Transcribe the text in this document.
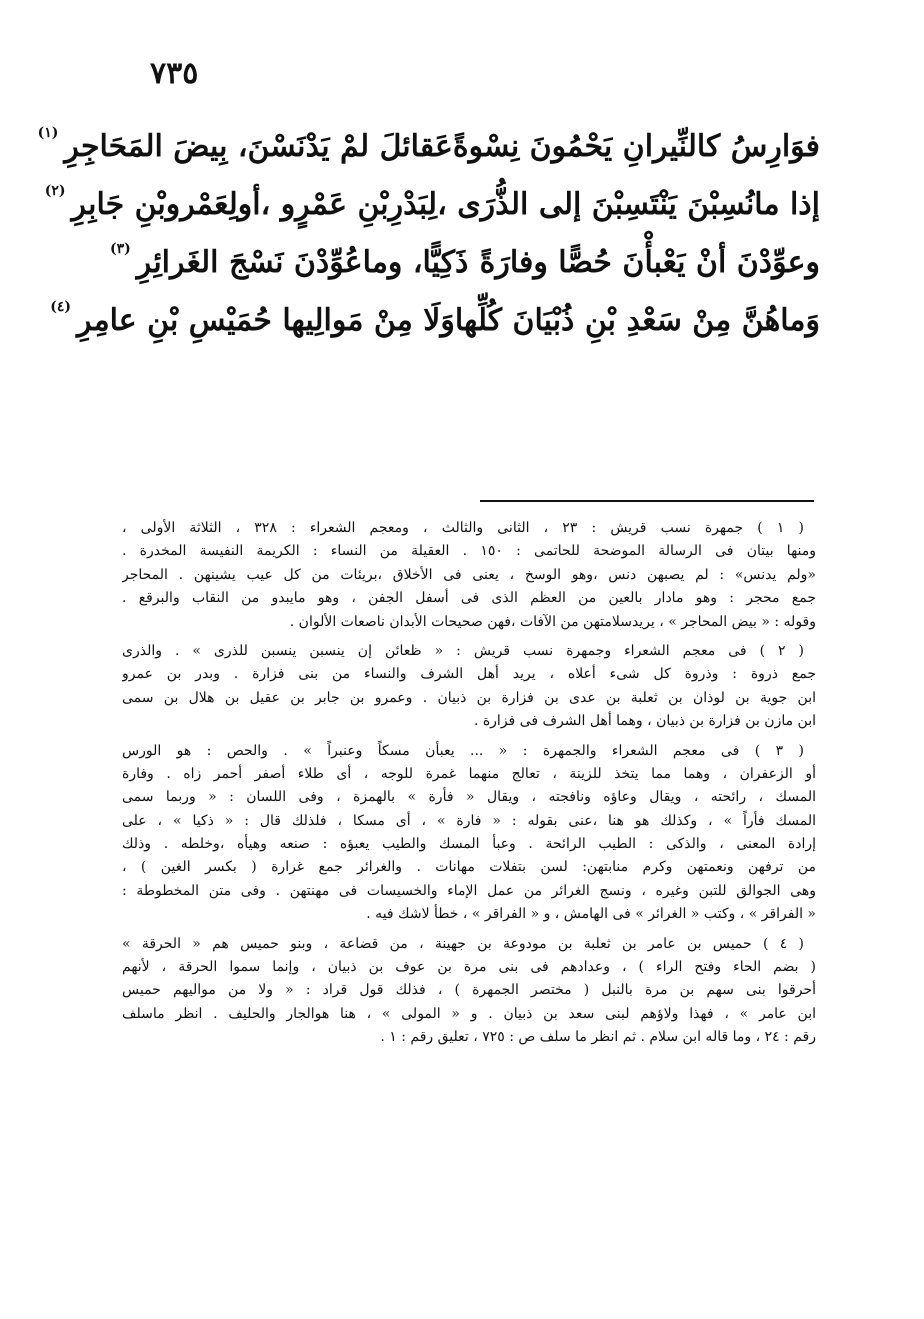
٧٣٥
فوَارِسُ كالنِّيرانِ يَحْمُونَ نِسْوةً
عَقائلَ لمْ يَدْنَسْنَ، بِيضَ المَحَاجِرِ
(١)
إذا مانُسِبْنَ يَنْتَسِبْنَ إلى الذُّرَى ،
لِبَدْرِبْنِ عَمْرٍو ،أولِعَمْروبْنِ جَابِرِ
(٢)
وعوِّدْنَ أنْ يَعْبأْنَ حُصًّا وفارَةً
ذَكِيًّا، وماعُوِّدْنَ نَسْجَ الغَرائِرِ
(٣)
وَماهُنَّ مِنْ سَعْدِ بْنِ ذُبْيَانَ كُلِّها
وَلَا مِنْ مَوالِيها حُمَيْسِ بْنِ عامِرِ
(٤)
( ١ ) جمهرة نسب قريش : ٢٣ ، الثانى والثالث ، ومعجم الشعراء : ٣٢٨ ، الثلاثة الأولى ،
ومنها بيتان فى الرسالة الموضحة للحاتمى : ١٥٠ . العقيلة من النساء : الكريمة النفيسة المخدرة .
«ولم يدنس» : لم يصبهن دنس ،وهو الوسخ ، يعنى فى الأخلاق ،بريئات من كل عيب يشينهن . المحاجر
جمع محجر : وهو مادار بالعين من العظم الذى فى أسفل الجفن ، وهو مايبدو من النقاب والبرقع .
وقوله : « بيض المحاجر » ، يريدسلامتهن من الآفات ،فهن صحيحات الأبدان ناصعات الألوان .
( ٢ ) فى معجم الشعراء وجمهرة نسب قريش : « ظعائن إن ينسبن ينسبن للذرى » . والذرى
جمع ذروة : وذروة كل شىء أعلاه ، يريد أهل الشرف والنساء من بنى فزارة . وبدر بن عمرو
ابن جوية بن لوذان بن ثعلبة بن عدى بن فزارة بن ذبيان . وعمرو بن جابر بن عقيل بن هلال بن سمى
ابن مازن بن فزارة بن ذبيان ، وهما أهل الشرف فى فزارة .
( ٣ ) فى معجم الشعراء والجمهرة : « ... يعبأن مسكاً وعنبراً » . والحص : هو الورس
أو الزعفران ، وهما مما يتخذ للزينة ، تعالج منهما غمرة للوجه ، أى طلاء أصفر أحمر زاه . وفارة
المسك ، رائحته ، ويقال وعاؤه ونافجته ، ويقال « فأرة » بالهمزة ، وفى اللسان : « وربما سمى
المسك فأراً » ، وكذلك هو هنا ،عنى بقوله : « فارة » ، أى مسكا ، فلذلك قال : « ذكيا » ، على
إرادة المعنى ، والذكى : الطيب الرائحة . وعبأ المسك والطيب يعبؤه : صنعه وهيأه ،وخلطه . وذلك
من ترفهن ونعمتهن وكرم منابتهن: لسن بتفلات مهانات . والغرائر جمع غرارة ( بكسر الغين ) ،
وهى الجوالق للتبن وغيره ، ونسج الغرائر من عمل الإماء والخسيسات فى مهنتهن . وفى متن المخطوطة :
« الفراقر » ، وكتب « الغرائر » فى الهامش ، و « الفراقر » ، خطأ لاشك فيه .
( ٤ ) حميس بن عامر بن ثعلبة بن مودوعة بن جهينة ، من قضاعة ، وبنو حميس هم « الحرقة »
( بضم الحاء وفتح الراء ) ، وعدادهم فى بنى مرة بن عوف بن ذبيان ، وإنما سموا الحرقة ، لأنهم
أحرقوا بنى سهم بن مرة بالنبل ( مختصر الجمهرة ) ، فذلك قول قراد : « ولا من مواليهم حميس
ابن عامر » ، فهذا ولاؤهم لبنى سعد بن ذبيان . و « المولى » ، هنا هوالجار والحليف . انظر ماسلف
رقم : ٢٤ ، وما قاله ابن سلام . ثم انظر ما سلف ص : ٧٢٥ ، تعليق رقم : ١ .
